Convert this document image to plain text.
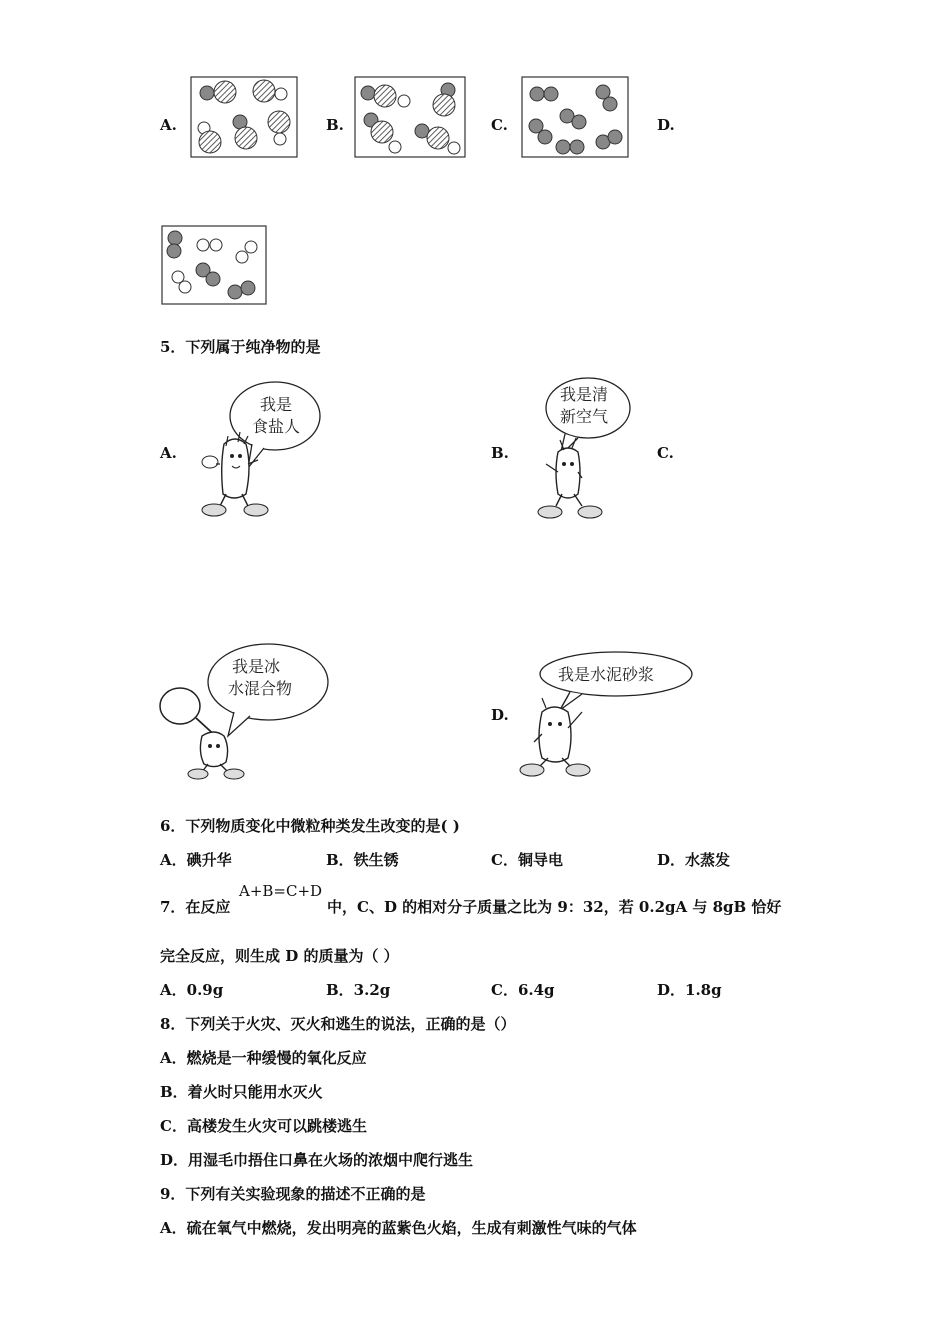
A.	B.	C.	D.
5．下列属于纯净物的是
A.
我是
食盐人
B.
我是清
新空气
C.
我是冰
水混合物
D.
我是水泥砂浆
6．下列物质变化中微粒种类发生改变的是( )
A．碘升华	B．铁生锈	C．铜导电	D．水蒸发
7．在反应
A+B=C+D
中，C、D 的相对分子质量之比为 9：32，若 0.2gA 与 8gB 恰好
完全反应，则生成 D 的质量为（ ）
A．0.9g	B．3.2g	C．6.4g	D．1.8g
8．下列关于火灾、灭火和逃生的说法，正确的是（）
A．燃烧是一种缓慢的氧化反应
B．着火时只能用水灭火
C．高楼发生火灾可以跳楼逃生
D．用湿毛巾捂住口鼻在火场的浓烟中爬行逃生
9．下列有关实验现象的描述不正确的是
A．硫在氧气中燃烧，发出明亮的蓝紫色火焰，生成有刺激性气味的气体
